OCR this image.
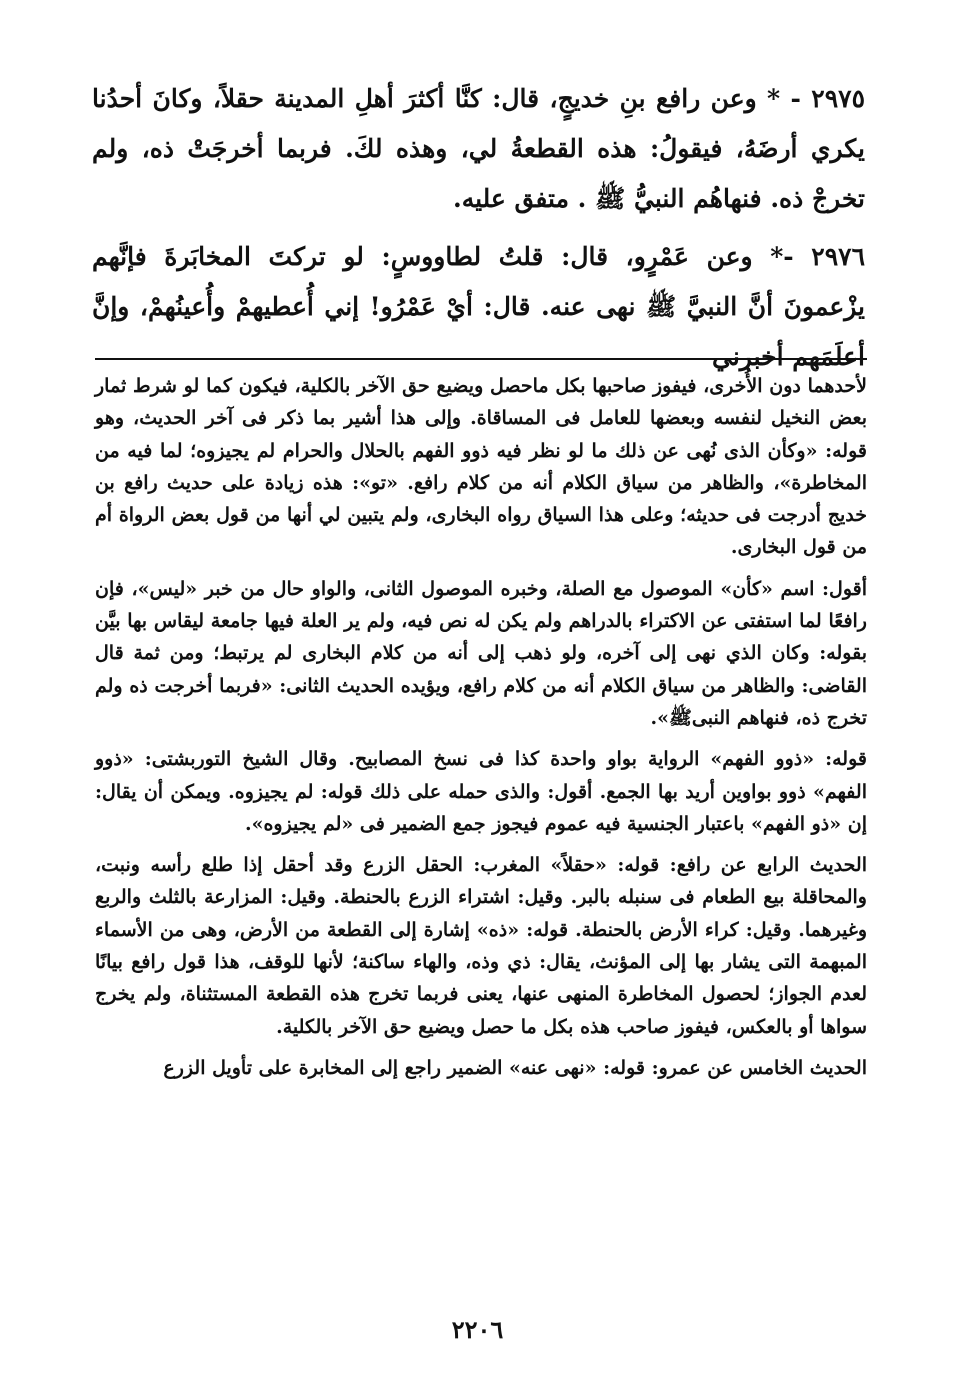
٢٩٧٥ - * وعن رافع بنِ خديجٍ، قال: كنَّا أكثرَ أهلِ المدينة حقلاً، وكانَ أحدُنا يكري أرضَهُ، فيقولُ: هذه القطعةُ لي، وهذه لكَ. فربما أخرجَتْ ذه، ولم تخرجْ ذه. فنهاهُم النبيُّ ﷺ . متفق عليه.

٢٩٧٦ -* وعن عَمْرٍو، قال: قلتُ لطاووسٍ: لو تركتَ المخابَرةَ فإنَّهم يزْعمونَ أنَّ النبيَّ ﷺ نهى عنه. قال: أيْ عَمْرُو! إني أُعطيهمْ وأُعينُهمْ، وإنَّ أعلَمَهم أخبرني

لأحدهما دون الأُخرى، فيفوز صاحبها بكل ماحصل ويضيع حق الآخر بالكلية، فيكون كما لو شرط ثمار بعض النخيل لنفسه وبعضها للعامل فى المساقاة. وإلى هذا أشير بما ذكر فى آخر الحديث، وهو قوله: «وكأن الذى نُهى عن ذلك ما لو نظر فيه ذوو الفهم بالحلال والحرام لم يجيزوه؛ لما فيه من المخاطرة»، والظاهر من سياق الكلام أنه من كلام رافع. «تو»: هذه زيادة على حديث رافع بن خديج أدرجت فى حديثه؛ وعلى هذا السياق رواه البخارى، ولم يتبين لي أنها من قول بعض الرواة أم من قول البخارى.

أقول: اسم «كأن» الموصول مع الصلة، وخبره الموصول الثانى، والواو حال من خبر «ليس»، فإن رافعًا لما استفتى عن الاكتراء بالدراهم ولم يكن له نص فيه، ولم ير العلة فيها جامعة ليقاس بها بيَّن بقوله: وكان الذي نهى إلى آخره، ولو ذهب إلى أنه من كلام البخارى لم يرتبط؛ ومن ثمة قال القاضى: والظاهر من سياق الكلام أنه من كلام رافع، ويؤيده الحديث الثانى: «فربما أخرجت ذه ولم تخرج ذه، فنهاهم النبىﷺ».

قوله: «ذوو الفهم» الرواية بواو واحدة كذا فى نسخ المصابيح. وقال الشيخ التوربشتى: «ذوو الفهم» ذوو بواوين أريد بها الجمع. أقول: والذى حمله على ذلك قوله: لم يجيزوه. ويمكن أن يقال: إن «ذو الفهم» باعتبار الجنسية فيه عموم فيجوز جمع الضمير فى «لم يجيزوه».

الحديث الرابع عن رافع: قوله: «حقلاً» المغرب: الحقل الزرع وقد أحقل إذا طلع رأسه ونبت، والمحاقلة بيع الطعام فى سنبله بالبر. وقيل: اشتراء الزرع بالحنطة. وقيل: المزارعة بالثلث والربع وغيرهما. وقيل: كراء الأرض بالحنطة. قوله: «ذه» إشارة إلى القطعة من الأرض، وهى من الأسماء المبهمة التى يشار بها إلى المؤنث، يقال: ذي وذه، والهاء ساكنة؛ لأنها للوقف، هذا قول رافع بيانًا لعدم الجواز؛ لحصول المخاطرة المنهى عنها، يعنى فربما تخرج هذه القطعة المستثناة، ولم يخرج سواها أو بالعكس، فيفوز صاحب هذه بكل ما حصل ويضيع حق الآخر بالكلية.

الحديث الخامس عن عمرو: قوله: «نهى عنه» الضمير راجع إلى المخابرة على تأويل الزرع

٢٢٠٦
